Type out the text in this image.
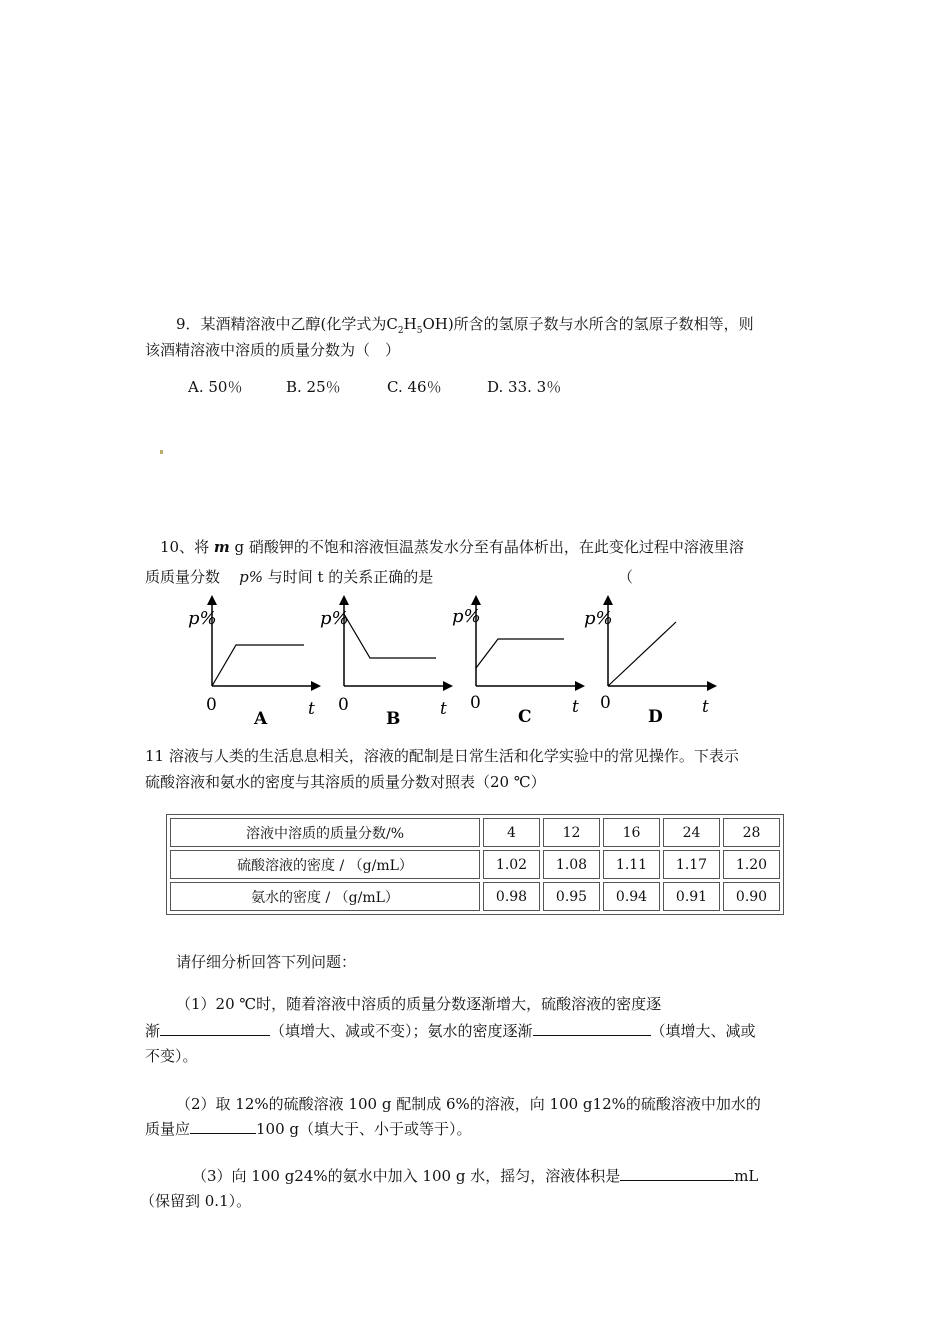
9．某酒精溶液中乙醇(化学式为$C_2H_5OH$)所含的氢原子数与水所含的氢原子数相等，则
该酒精溶液中溶质的质量分数为（　）
A. 50％	B. 25％	C. 46％	D. 33. 3％
10、将 m g 硝酸钾的不饱和溶液恒温蒸发水分至有晶体析出，在此变化过程中溶液里溶
质质量分数 p% 与时间 t 的关系正确的是	（
p%
0	t
A
p%
0	t
B
p%
0	t
C
p%
0	t
D
11 溶液与人类的生活息息相关，溶液的配制是日常生活和化学实验中的常见操作。下表示
硫酸溶液和氨水的密度与其溶质的质量分数对照表（20 ℃）
溶液中溶质的质量分数/%	4	12	16	24	28
硫酸溶液的密度 / （g/mL）	1.02	1.08	1.11	1.17	1.20
氨水的密度 / （g/mL）	0.98	0.95	0.94	0.91	0.90
请仔细分析回答下列问题：
（1）20 ℃时，随着溶液中溶质的质量分数逐渐增大，硫酸溶液的密度逐
渐	（填增大、减或不变）；氨水的密度逐渐	（填增大、减或
不变）。
（2）取 12%的硫酸溶液 100 g 配制成 6%的溶液，向 100 g12%的硫酸溶液中加水的
质量应	100 g（填大于、小于或等于）。
（3）向 100 g24%的氨水中加入 100 g 水，摇匀，溶液体积是	mL
（保留到 0.1）。
